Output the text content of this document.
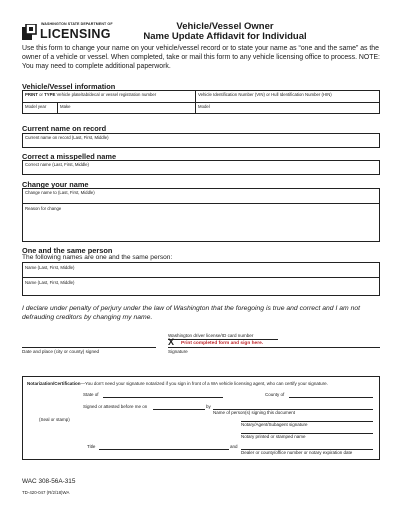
WASHINGTON STATE DEPARTMENT OF
LICENSING
Vehicle/Vessel Owner
Name Update Affidavit for Individual
Use this form to change your name on your vehicle/vessel record or to state your name as “one and the same” as the owner of a vehicle or vessel. When completed, take or mail this form to any vehicle licensing office to process. NOTE: You may need to complete additional paperwork.
Vehicle/Vessel information
PRINT or TYPE Vehicle plate/tab/decal or vessel registration number	Vehicle Identification Number (VIN) or Hull Identification Number (HIN)
Model year	Make	Model
Current name on record
Current name on record (Last, First, Middle)
Correct a misspelled name
Correct name (Last, First, Middle)
Change your name
Change name to (Last, First, Middle)
Reason for change
One and the same person
The following names are one and the same person:
Name (Last, First, Middle)
Name (Last, First, Middle)
I declare under penalty of perjury under the law of Washington that the foregoing is true and correct and I am not defrauding creditors by changing my name.
Washington driver license/ID card number
X Print completed form and sign here.
Date and place (city or county) signed	Signature
Notarization/Certification—You don’t need your signature notarized if you sign in front of a WA vehicle licensing agent, who can certify your signature.
State of	County of
Signed or attested before me on	by
Name of person(s) signing this document
(Seal or stamp)
Notary/Agent/Subagent signature
Notary printed or stamped name
Title	and
Dealer or county/office number or notary expiration date
WAC 308-56A-315
TD-420-047 (R/2/18)WA
